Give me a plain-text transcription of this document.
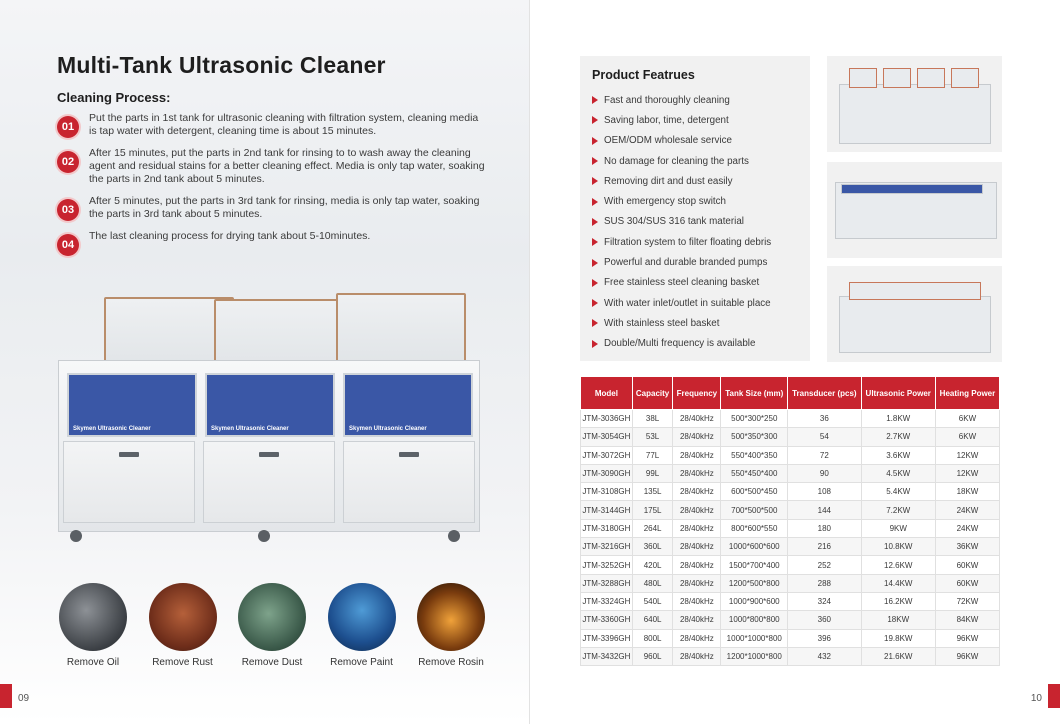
Multi-Tank Ultrasonic Cleaner
Cleaning Process:
01
Put the parts in 1st tank for ultrasonic cleaning with filtration system, cleaning media is tap water with detergent, cleaning time is about 15 minutes.
02
After 15 minutes, put the parts in 2nd tank for rinsing to to wash away the cleaning agent and residual stains for a better cleaning effect. Media is only tap water, soaking the parts in 2nd tank about 5 minutes.
03
After 5 minutes, put the parts in 3rd tank for rinsing, media is only tap water, soaking the parts in 3rd tank about 5 minutes.
04
The last cleaning process for drying tank about 5-10minutes.
Skymen Ultrasonic Cleaner	Skymen Ultrasonic Cleaner	Skymen Ultrasonic Cleaner
Remove Oil	Remove Rust	Remove Dust	Remove Paint	Remove Rosin
09
Product Featrues
Fast and thoroughly cleaning
Saving labor, time, detergent
OEM/ODM wholesale service
No damage for cleaning the parts
Removing dirt and dust easily
With emergency stop switch
SUS 304/SUS 316 tank material
Filtration system to filter floating debris
Powerful and durable branded pumps
Free stainless steel cleaning basket
With water inlet/outlet in suitable place
With stainless steel basket
Double/Multi frequency is available
Model	Capacity	Frequency	Tank Size (mm)	Transducer (pcs)	Ultrasonic Power	Heating Power
JTM-3036GH	38L	28/40kHz	500*300*250	36	1.8KW	6KW
JTM-3054GH	53L	28/40kHz	500*350*300	54	2.7KW	6KW
JTM-3072GH	77L	28/40kHz	550*400*350	72	3.6KW	12KW
JTM-3090GH	99L	28/40kHz	550*450*400	90	4.5KW	12KW
JTM-3108GH	135L	28/40kHz	600*500*450	108	5.4KW	18KW
JTM-3144GH	175L	28/40kHz	700*500*500	144	7.2KW	24KW
JTM-3180GH	264L	28/40kHz	800*600*550	180	9KW	24KW
JTM-3216GH	360L	28/40kHz	1000*600*600	216	10.8KW	36KW
JTM-3252GH	420L	28/40kHz	1500*700*400	252	12.6KW	60KW
JTM-3288GH	480L	28/40kHz	1200*500*800	288	14.4KW	60KW
JTM-3324GH	540L	28/40kHz	1000*900*600	324	16.2KW	72KW
JTM-3360GH	640L	28/40kHz	1000*800*800	360	18KW	84KW
JTM-3396GH	800L	28/40kHz	1000*1000*800	396	19.8KW	96KW
JTM-3432GH	960L	28/40kHz	1200*1000*800	432	21.6KW	96KW
10
